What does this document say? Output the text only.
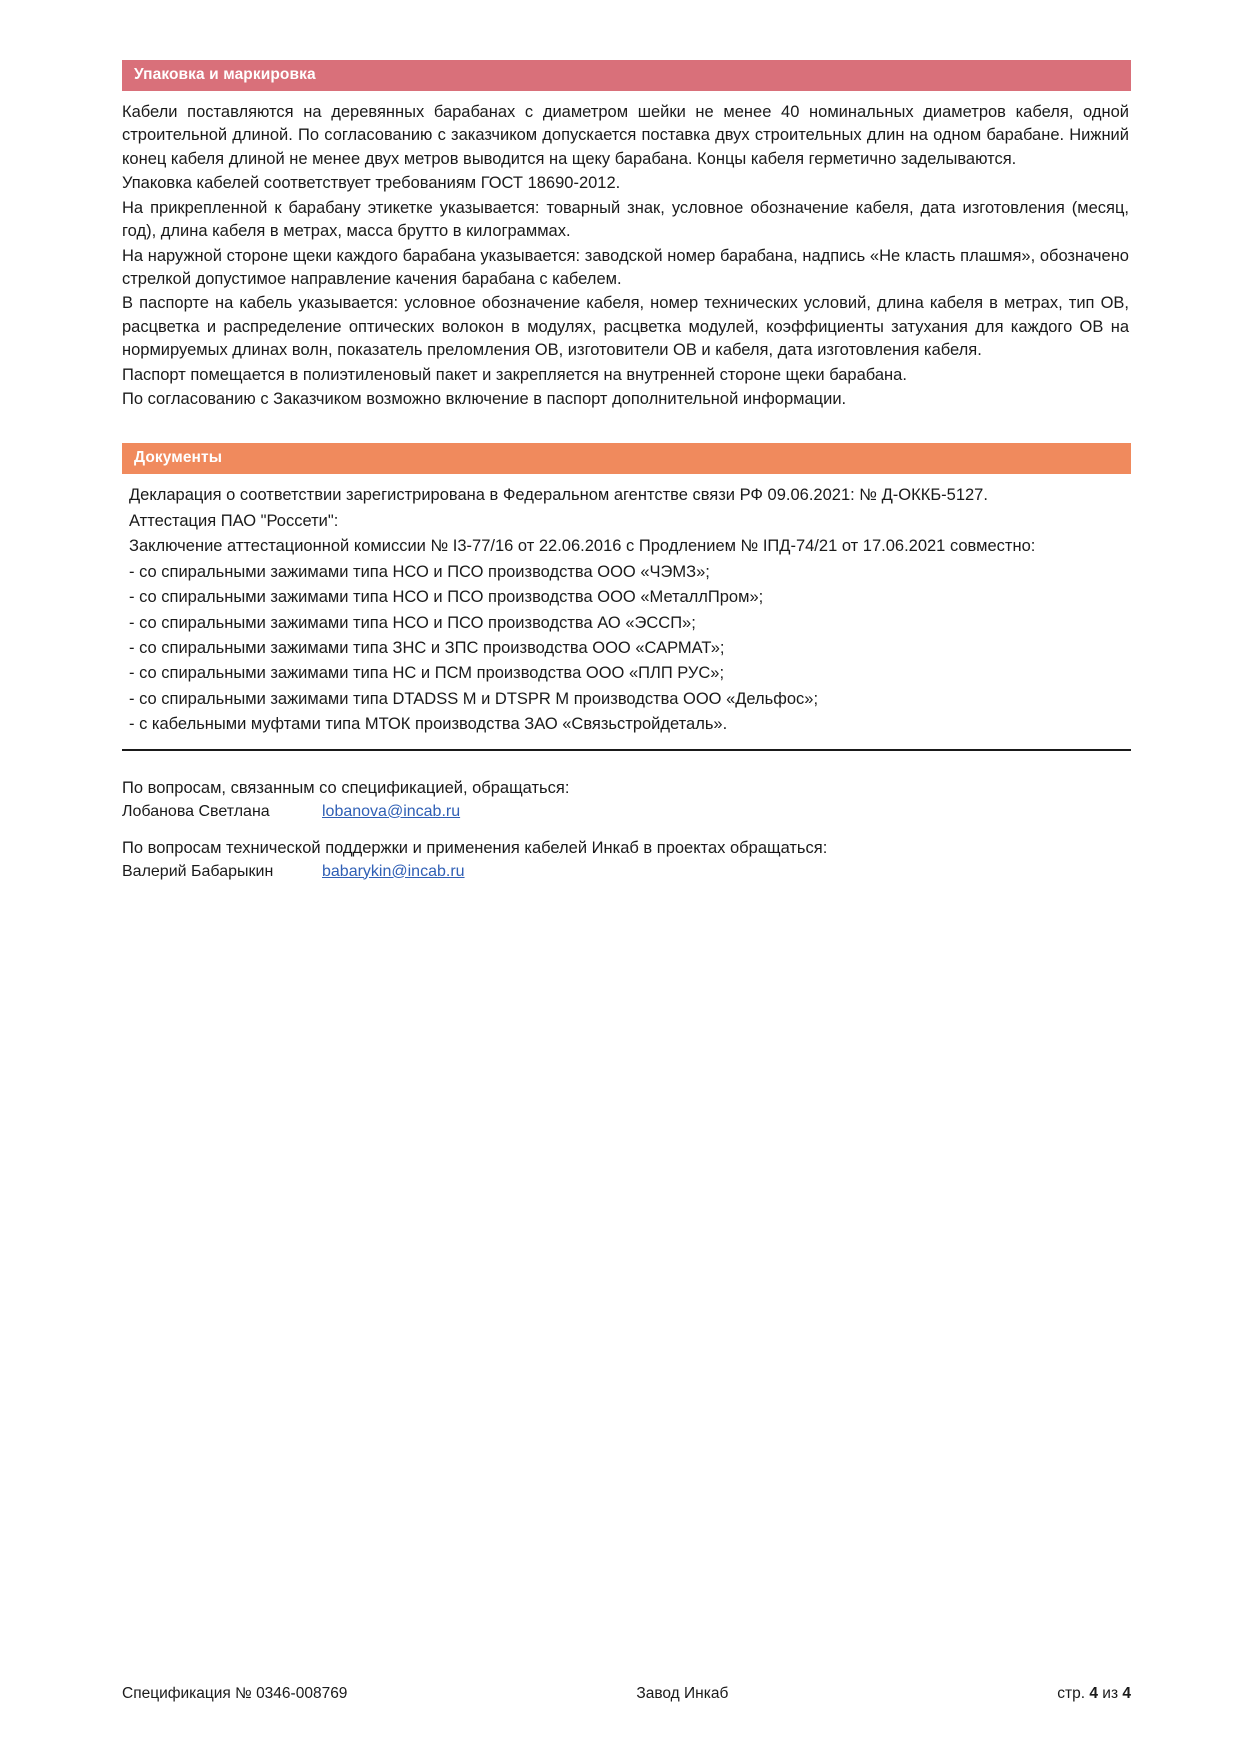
Упаковка и маркировка

Кабели поставляются на деревянных барабанах с диаметром шейки не менее 40 номинальных диаметров кабеля, одной строительной длиной. По согласованию с заказчиком допускается поставка двух строительных длин на одном барабане. Нижний конец кабеля длиной не менее двух метров выводится на щеку барабана. Концы кабеля герметично заделываются.

Упаковка кабелей соответствует требованиям ГОСТ 18690-2012.

На прикрепленной к барабану этикетке указывается: товарный знак, условное обозначение кабеля, дата изготовления (месяц, год), длина кабеля в метрах, масса брутто в килограммах.

На наружной стороне щеки каждого барабана указывается: заводской номер барабана, надпись «Не класть плашмя», обозначено стрелкой допустимое направление качения барабана с кабелем.

В паспорте на кабель указывается: условное обозначение кабеля, номер технических условий, длина кабеля в метрах, тип ОВ, расцветка и распределение оптических волокон в модулях, расцветка модулей, коэффициенты затухания для каждого ОВ на нормируемых длинах волн, показатель преломления ОВ, изготовители ОВ и кабеля, дата изготовления кабеля.

Паспорт помещается в полиэтиленовый пакет и закрепляется на внутренней стороне щеки барабана.

По согласованию с Заказчиком возможно включение в паспорт дополнительной информации.

Документы

Декларация о соответствии зарегистрирована в Федеральном агентстве связи РФ 09.06.2021: № Д-ОККБ-5127.

Аттестация ПАО "Россети":

Заключение аттестационной комиссии № I3-77/16 от 22.06.2016 с Продлением № IПД-74/21 от 17.06.2021 совместно:

- со спиральными зажимами типа НСО и ПСО производства ООО «ЧЭМЗ»;

- со спиральными зажимами типа НСО и ПСО производства ООО «МеталлПром»;

- со спиральными зажимами типа НСО и ПСО производства АО «ЭССП»;

- со спиральными зажимами типа ЗНС и ЗПС производства ООО «САРМАТ»;

- со спиральными зажимами типа НС и ПСМ производства ООО «ПЛП РУС»;

- со спиральными зажимами типа DTADSS M и DTSPR M производства ООО «Дельфос»;

- с кабельными муфтами типа МТОК производства ЗАО «Связьстройдеталь».

По вопросам, связанным со спецификацией, обращаться:

Лобанова Светлана	lobanova@incab.ru

По вопросам технической поддержки и применения кабелей Инкаб в проектах обращаться:

Валерий Бабарыкин	babarykin@incab.ru
Спецификация № 0346-008769	Завод Инкаб	стр. 4 из 4
